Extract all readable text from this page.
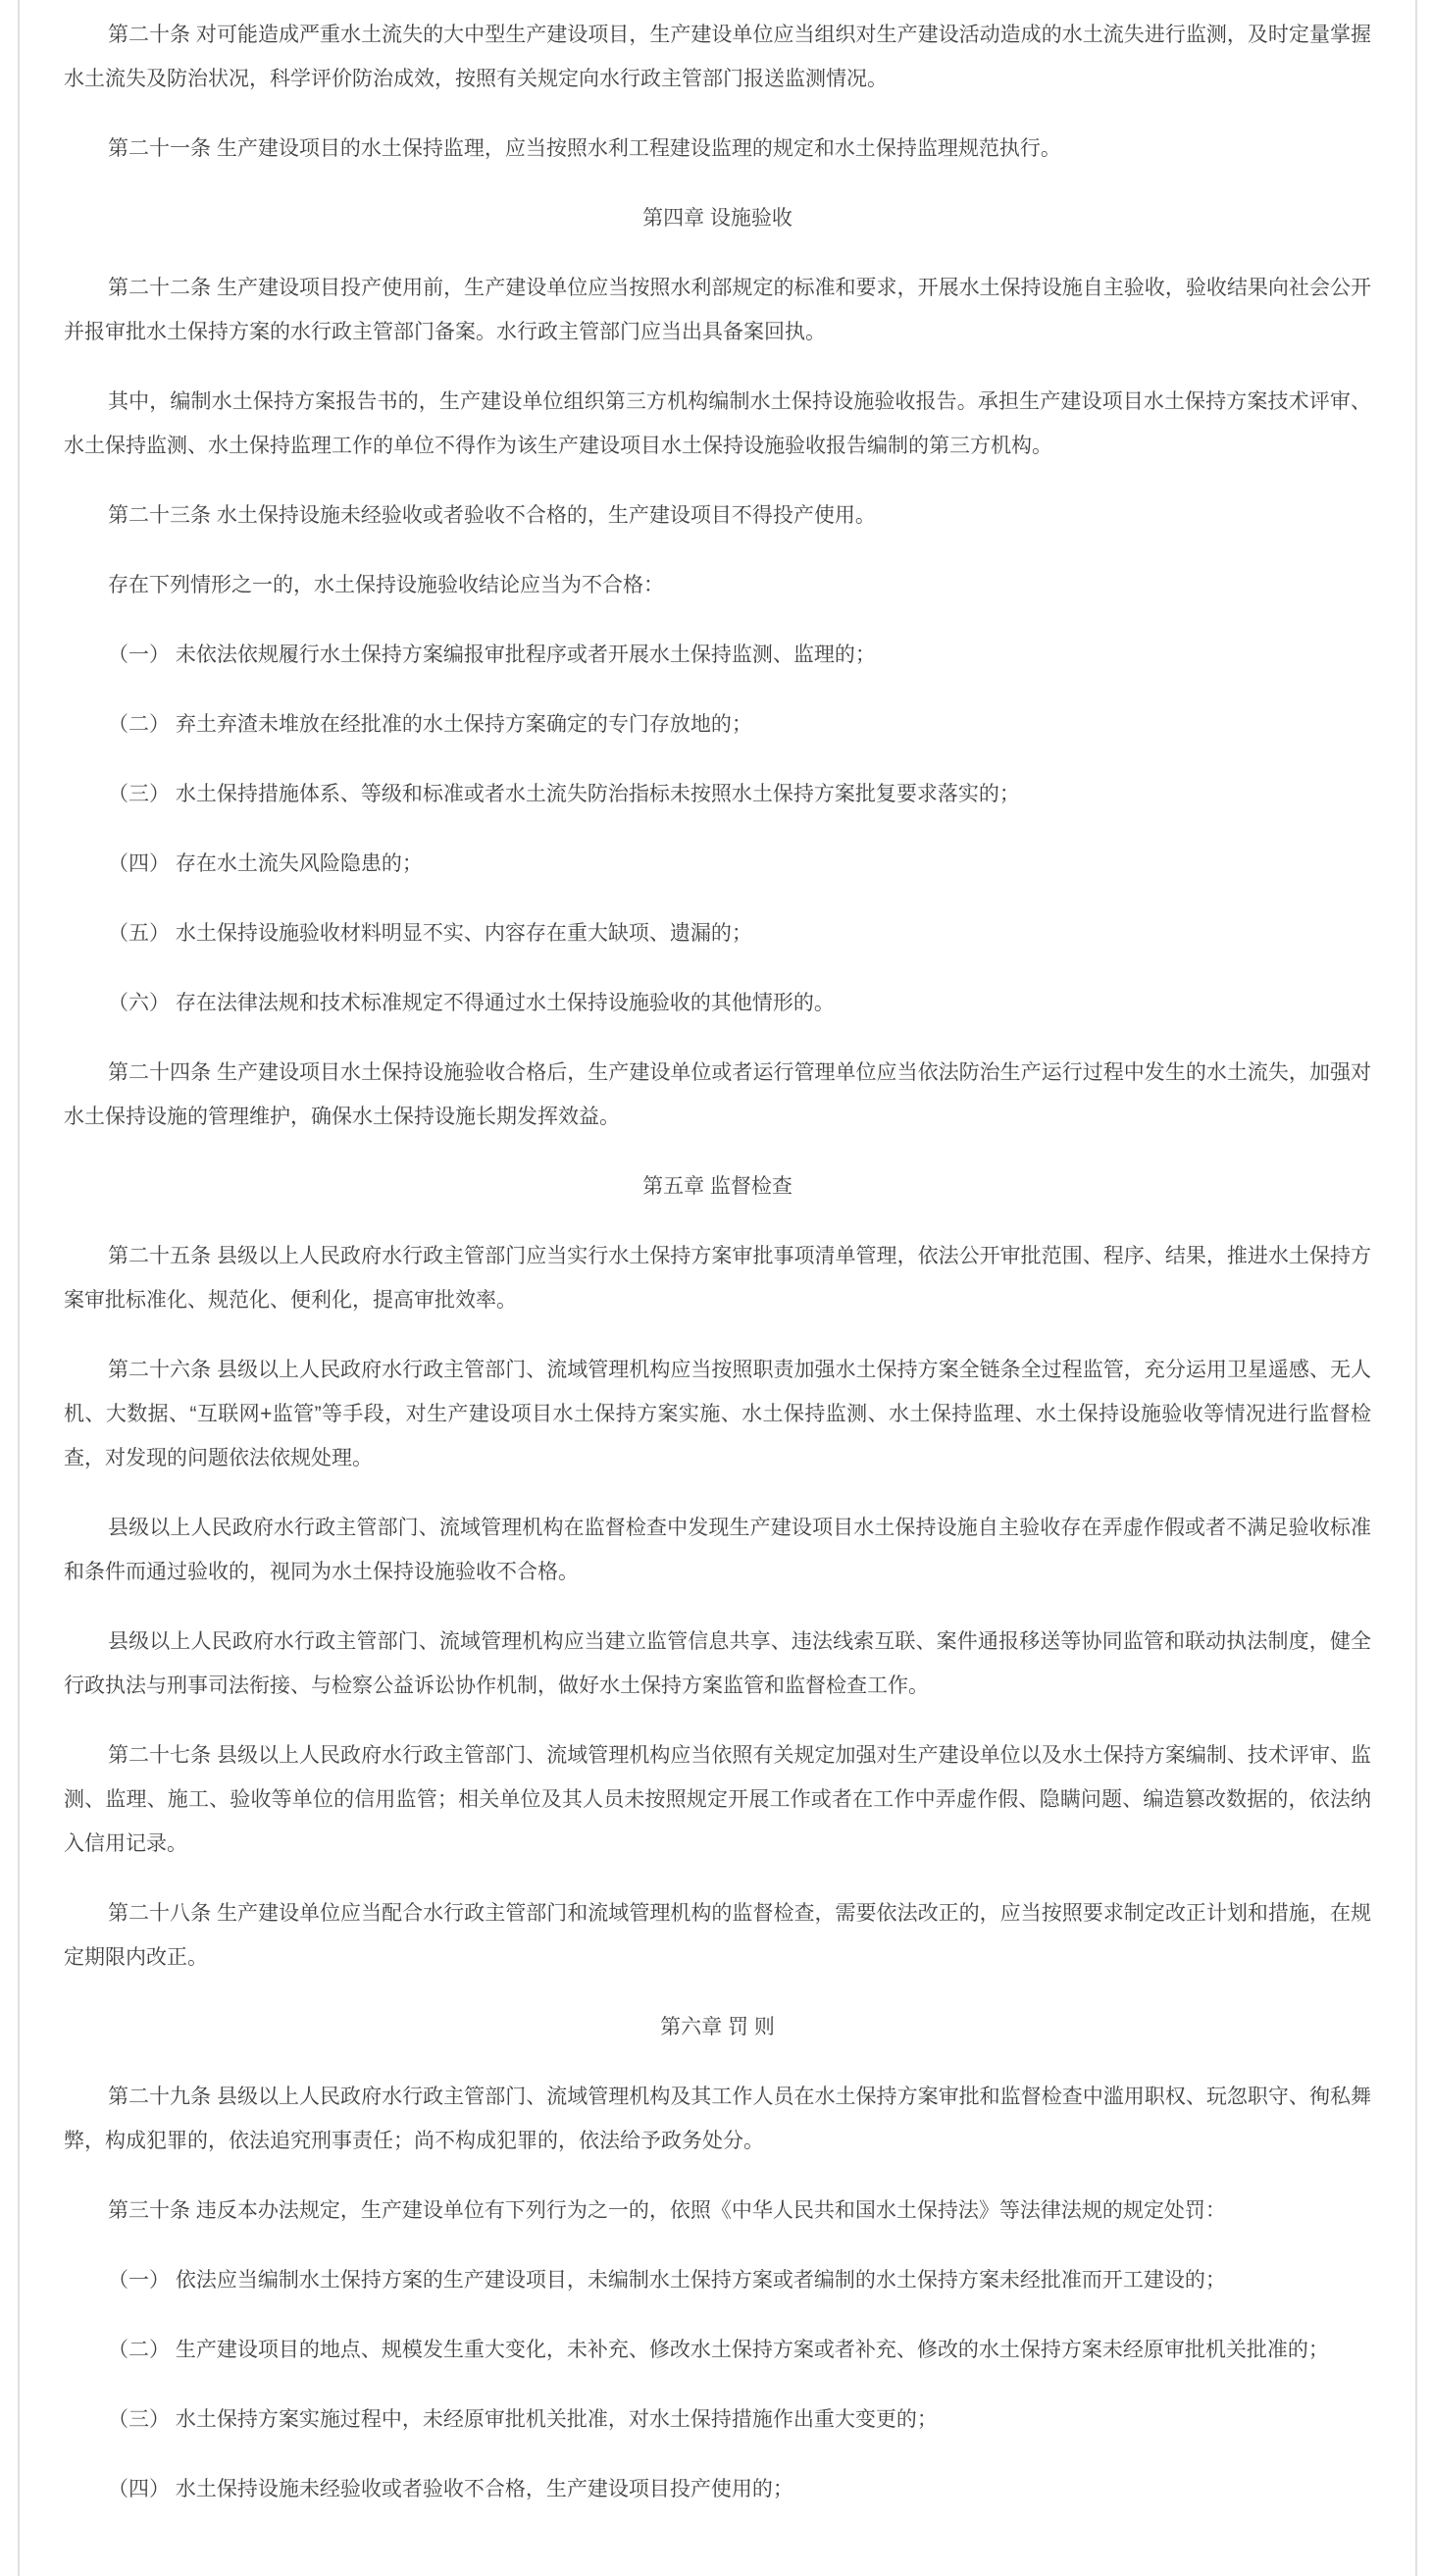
第二十条 对可能造成严重水土流失的大中型生产建设项目，生产建设单位应当组织对生产建设活动造成的水土流失进行监测，及时定量掌握水土流失及防治状况，科学评价防治成效，按照有关规定向水行政主管部门报送监测情况。

第二十一条 生产建设项目的水土保持监理，应当按照水利工程建设监理的规定和水土保持监理规范执行。

第四章 设施验收

第二十二条 生产建设项目投产使用前，生产建设单位应当按照水利部规定的标准和要求，开展水土保持设施自主验收，验收结果向社会公开并报审批水土保持方案的水行政主管部门备案。水行政主管部门应当出具备案回执。

其中，编制水土保持方案报告书的，生产建设单位组织第三方机构编制水土保持设施验收报告。承担生产建设项目水土保持方案技术评审、水土保持监测、水土保持监理工作的单位不得作为该生产建设项目水土保持设施验收报告编制的第三方机构。

第二十三条 水土保持设施未经验收或者验收不合格的，生产建设项目不得投产使用。

存在下列情形之一的，水土保持设施验收结论应当为不合格：

（一） 未依法依规履行水土保持方案编报审批程序或者开展水土保持监测、监理的；

（二） 弃土弃渣未堆放在经批准的水土保持方案确定的专门存放地的；

（三） 水土保持措施体系、等级和标准或者水土流失防治指标未按照水土保持方案批复要求落实的；

（四） 存在水土流失风险隐患的；

（五） 水土保持设施验收材料明显不实、内容存在重大缺项、遗漏的；

（六） 存在法律法规和技术标准规定不得通过水土保持设施验收的其他情形的。

第二十四条 生产建设项目水土保持设施验收合格后，生产建设单位或者运行管理单位应当依法防治生产运行过程中发生的水土流失，加强对水土保持设施的管理维护，确保水土保持设施长期发挥效益。

第五章 监督检查

第二十五条 县级以上人民政府水行政主管部门应当实行水土保持方案审批事项清单管理，依法公开审批范围、程序、结果，推进水土保持方案审批标准化、规范化、便利化，提高审批效率。

第二十六条 县级以上人民政府水行政主管部门、流域管理机构应当按照职责加强水土保持方案全链条全过程监管，充分运用卫星遥感、无人机、大数据、“互联网+监管”等手段，对生产建设项目水土保持方案实施、水土保持监测、水土保持监理、水土保持设施验收等情况进行监督检查，对发现的问题依法依规处理。

县级以上人民政府水行政主管部门、流域管理机构在监督检查中发现生产建设项目水土保持设施自主验收存在弄虚作假或者不满足验收标准和条件而通过验收的，视同为水土保持设施验收不合格。

县级以上人民政府水行政主管部门、流域管理机构应当建立监管信息共享、违法线索互联、案件通报移送等协同监管和联动执法制度，健全行政执法与刑事司法衔接、与检察公益诉讼协作机制，做好水土保持方案监管和监督检查工作。

第二十七条 县级以上人民政府水行政主管部门、流域管理机构应当依照有关规定加强对生产建设单位以及水土保持方案编制、技术评审、监测、监理、施工、验收等单位的信用监管；相关单位及其人员未按照规定开展工作或者在工作中弄虚作假、隐瞒问题、编造篡改数据的，依法纳入信用记录。

第二十八条 生产建设单位应当配合水行政主管部门和流域管理机构的监督检查，需要依法改正的，应当按照要求制定改正计划和措施，在规定期限内改正。

第六章 罚 则

第二十九条 县级以上人民政府水行政主管部门、流域管理机构及其工作人员在水土保持方案审批和监督检查中滥用职权、玩忽职守、徇私舞弊，构成犯罪的，依法追究刑事责任；尚不构成犯罪的，依法给予政务处分。

第三十条 违反本办法规定，生产建设单位有下列行为之一的，依照《中华人民共和国水土保持法》等法律法规的规定处罚：

（一） 依法应当编制水土保持方案的生产建设项目，未编制水土保持方案或者编制的水土保持方案未经批准而开工建设的；

（二） 生产建设项目的地点、规模发生重大变化，未补充、修改水土保持方案或者补充、修改的水土保持方案未经原审批机关批准的；

（三） 水土保持方案实施过程中，未经原审批机关批准，对水土保持措施作出重大变更的；

（四） 水土保持设施未经验收或者验收不合格，生产建设项目投产使用的；
